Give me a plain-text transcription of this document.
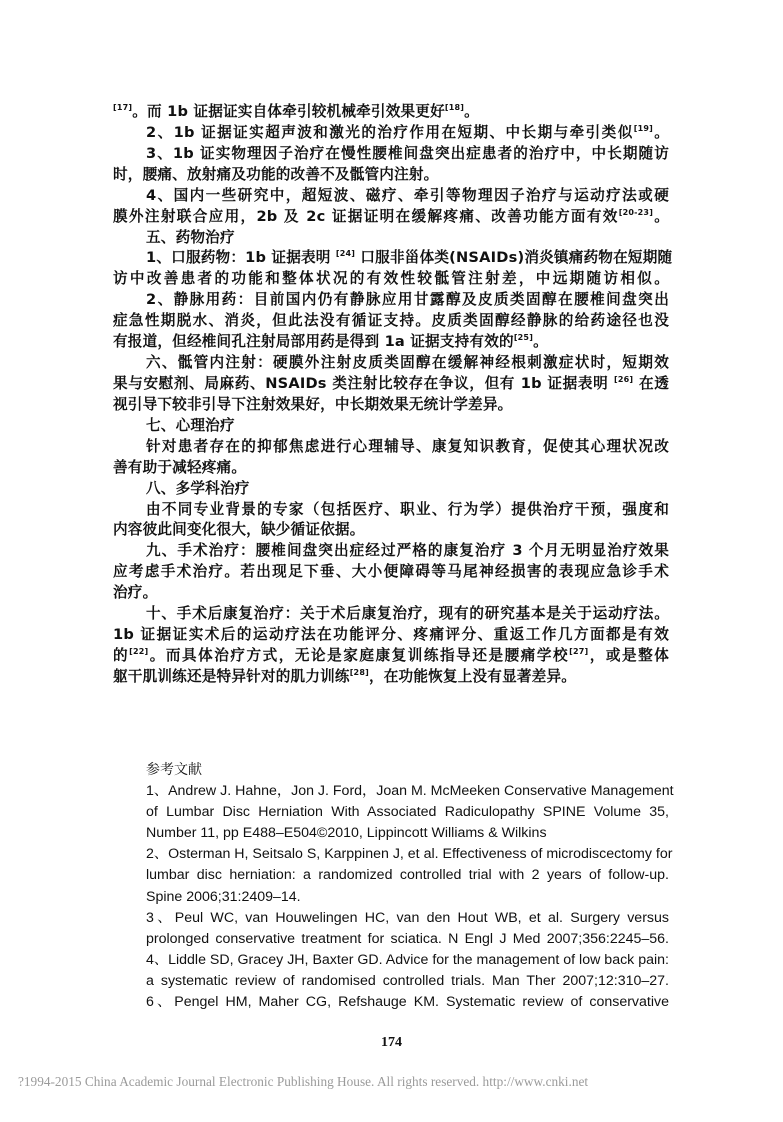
[17]。而 1b 证据证实自体牵引较机械牵引效果更好[18]。
2、1b 证据证实超声波和激光的治疗作用在短期、中长期与牵引类似[19]。
3、1b 证实物理因子治疗在慢性腰椎间盘突出症患者的治疗中，中长期随访
时，腰痛、放射痛及功能的改善不及骶管内注射。
4、国内一些研究中，超短波、磁疗、牵引等物理因子治疗与运动疗法或硬
膜外注射联合应用，2b 及 2c 证据证明在缓解疼痛、改善功能方面有效[20-23]。
五、药物治疗
1、口服药物：1b 证据表明 [24] 口服非甾体类(NSAIDs)消炎镇痛药物在短期随
访中改善患者的功能和整体状况的有效性较骶管注射差，中远期随访相似。
2、静脉用药：目前国内仍有静脉应用甘露醇及皮质类固醇在腰椎间盘突出
症急性期脱水、消炎，但此法没有循证支持。皮质类固醇经静脉的给药途径也没
有报道，但经椎间孔注射局部用药是得到 1a 证据支持有效的[25]。
六、骶管内注射：硬膜外注射皮质类固醇在缓解神经根刺激症状时，短期效
果与安慰剂、局麻药、NSAIDs 类注射比较存在争议，但有 1b 证据表明 [26] 在透
视引导下较非引导下注射效果好，中长期效果无统计学差异。
七、心理治疗
针对患者存在的抑郁焦虑进行心理辅导、康复知识教育，促使其心理状况改
善有助于减轻疼痛。
八、多学科治疗
由不同专业背景的专家（包括医疗、职业、行为学）提供治疗干预，强度和
内容彼此间变化很大，缺少循证依据。
九、手术治疗：腰椎间盘突出症经过严格的康复治疗 3 个月无明显治疗效果
应考虑手术治疗。若出现足下垂、大小便障碍等马尾神经损害的表现应急诊手术
治疗。
十、手术后康复治疗：关于术后康复治疗，现有的研究基本是关于运动疗法。
1b 证据证实术后的运动疗法在功能评分、疼痛评分、重返工作几方面都是有效
的[22]。而具体治疗方式，无论是家庭康复训练指导还是腰痛学校[27]，或是整体
躯干肌训练还是特异针对的肌力训练[28]，在功能恢复上没有显著差异。
参考文献
1、Andrew J. Hahne，Jon J. Ford，Joan M. McMeeken Conservative Management
of Lumbar Disc Herniation With Associated Radiculopathy SPINE Volume 35,
Number 11, pp E488–E504©2010, Lippincott Williams & Wilkins
2、Osterman H, Seitsalo S, Karppinen J, et al. Effectiveness of microdiscectomy for
lumbar disc herniation: a randomized controlled trial with 2 years of follow-up.
Spine 2006;31:2409–14.
3、Peul WC, van Houwelingen HC, van den Hout WB, et al. Surgery versus
prolonged conservative treatment for sciatica. N Engl J Med 2007;356:2245–56.
4、Liddle SD, Gracey JH, Baxter GD. Advice for the management of low back pain:
a systematic review of randomised controlled trials. Man Ther 2007;12:310–27.
6、Pengel HM, Maher CG, Refshauge KM. Systematic review of conservative
174
?1994-2015 China Academic Journal Electronic Publishing House. All rights reserved. http://www.cnki.net
